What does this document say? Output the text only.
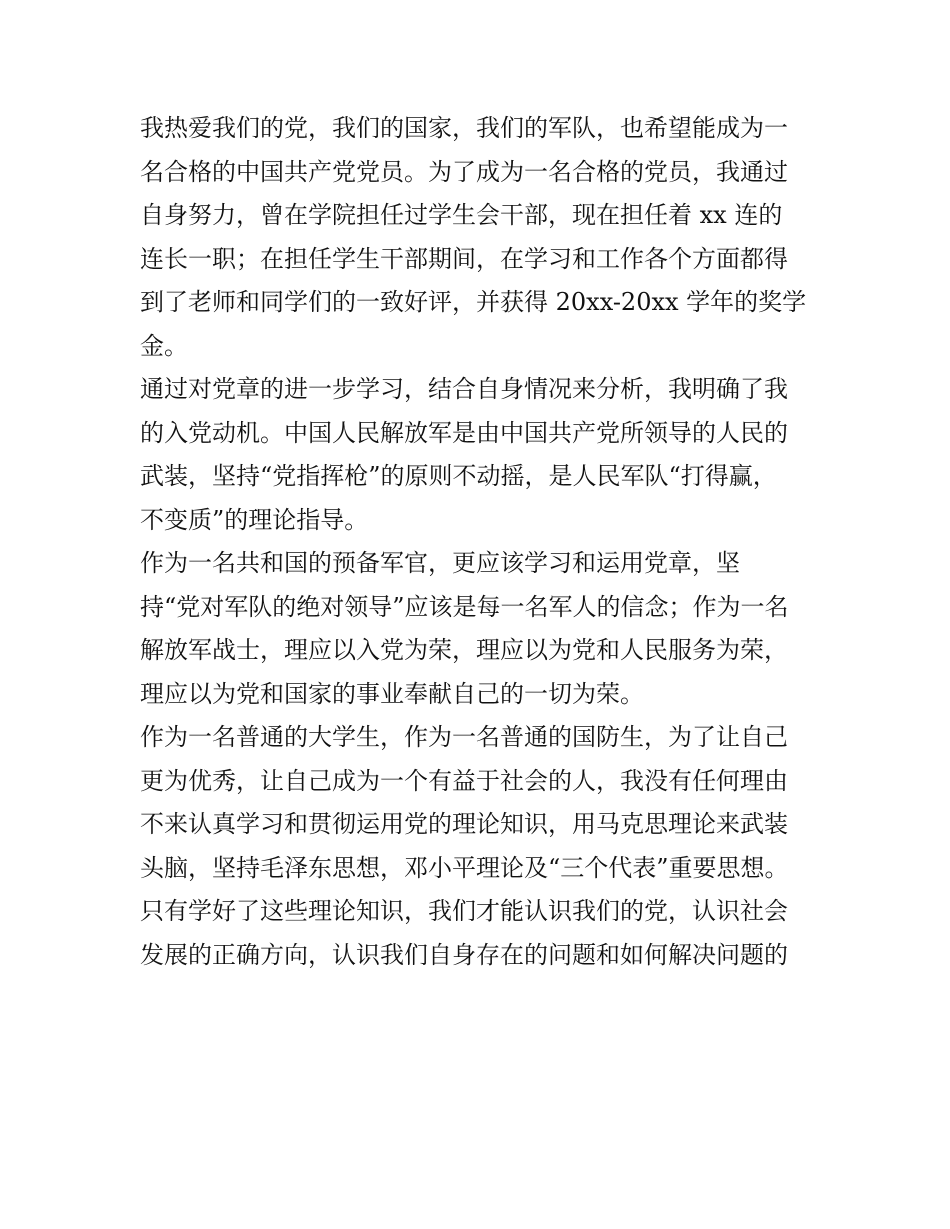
我热爱我们的党，我们的国家，我们的军队，也希望能成为一
名合格的中国共产党党员。为了成为一名合格的党员，我通过
自身努力，曾在学院担任过学生会干部，现在担任着 xx 连的
连长一职；在担任学生干部期间，在学习和工作各个方面都得
到了老师和同学们的一致好评，并获得 20xx-20xx 学年的奖学
金。
通过对党章的进一步学习，结合自身情况来分析，我明确了我
的入党动机。中国人民解放军是由中国共产党所领导的人民的
武装，坚持“党指挥枪”的原则不动摇，是人民军队“打得赢，
不变质”的理论指导。
作为一名共和国的预备军官，更应该学习和运用党章，坚
持“党对军队的绝对领导”应该是每一名军人的信念；作为一名
解放军战士，理应以入党为荣，理应以为党和人民服务为荣，
理应以为党和国家的事业奉献自己的一切为荣。
作为一名普通的大学生，作为一名普通的国防生，为了让自己
更为优秀，让自己成为一个有益于社会的人，我没有任何理由
不来认真学习和贯彻运用党的理论知识，用马克思理论来武装
头脑，坚持毛泽东思想，邓小平理论及“三个代表”重要思想。
只有学好了这些理论知识，我们才能认识我们的党，认识社会
发展的正确方向，认识我们自身存在的问题和如何解决问题的
